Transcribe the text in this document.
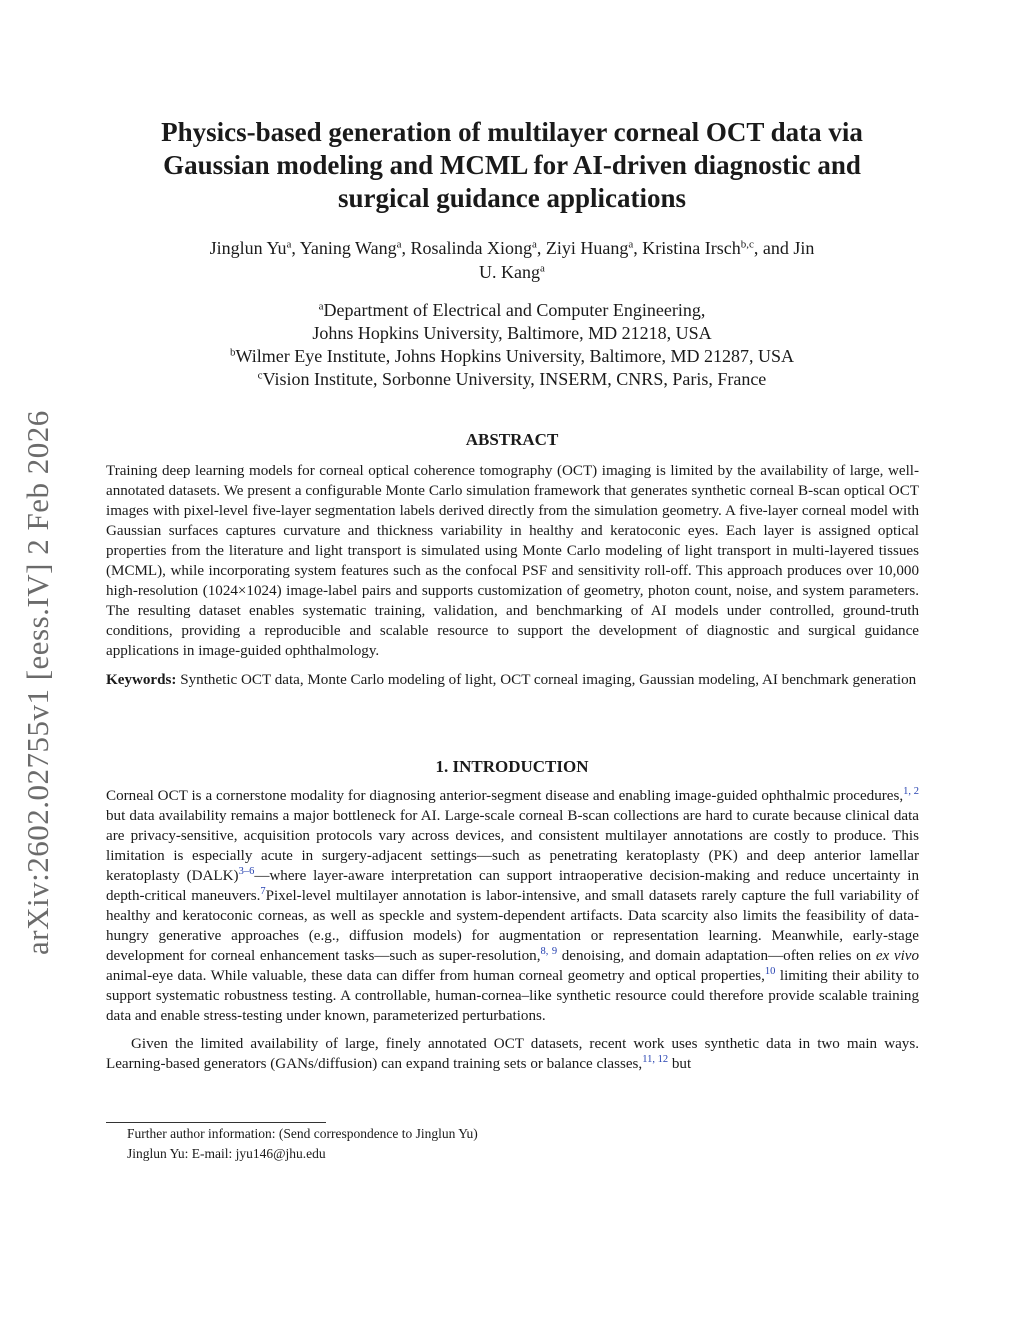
arXiv:2602.02755v1 [eess.IV] 2 Feb 2026
Physics-based generation of multilayer corneal OCT data via
Gaussian modeling and MCML for AI-driven diagnostic and
surgical guidance applications
Jinglun Yu$^a$, Yaning Wang$^a$, Rosalinda Xiong$^a$, Ziyi Huang$^a$, Kristina Irsch$^{b,c}$, and Jin
U. Kang$^a$
$^a$Department of Electrical and Computer Engineering,
Johns Hopkins University, Baltimore, MD 21218, USA
$^b$Wilmer Eye Institute, Johns Hopkins University, Baltimore, MD 21287, USA
$^c$Vision Institute, Sorbonne University, INSERM, CNRS, Paris, France
ABSTRACT

Training deep learning models for corneal optical coherence tomography (OCT) imaging is limited by the availability of large, well-annotated datasets. We present a configurable Monte Carlo simulation framework that generates synthetic corneal B-scan optical OCT images with pixel-level five-layer segmentation labels derived directly from the simulation geometry. A five-layer corneal model with Gaussian surfaces captures curvature and thickness variability in healthy and keratoconic eyes. Each layer is assigned optical properties from the literature and light transport is simulated using Monte Carlo modeling of light transport in multi-layered tissues (MCML), while incorporating system features such as the confocal PSF and sensitivity roll-off. This approach produces over 10,000 high-resolution (1024×1024) image-label pairs and supports customization of geometry, photon count, noise, and system parameters. The resulting dataset enables systematic training, validation, and benchmarking of AI models under controlled, ground-truth conditions, providing a reproducible and scalable resource to support the development of diagnostic and surgical guidance applications in image-guided ophthalmology.

Keywords: Synthetic OCT data, Monte Carlo modeling of light, OCT corneal imaging, Gaussian modeling, AI benchmark generation

1. INTRODUCTION

Corneal OCT is a cornerstone modality for diagnosing anterior-segment disease and enabling image-guided ophthalmic procedures,$^{1, 2}$ but data availability remains a major bottleneck for AI. Large-scale corneal B-scan collections are hard to curate because clinical data are privacy-sensitive, acquisition protocols vary across devices, and consistent multilayer annotations are costly to produce. This limitation is especially acute in surgery-adjacent settings—such as penetrating keratoplasty (PK) and deep anterior lamellar keratoplasty (DALK)$^{3-6}$—where layer-aware interpretation can support intraoperative decision-making and reduce uncertainty in depth-critical maneuvers.$^7$Pixel-level multilayer annotation is labor-intensive, and small datasets rarely capture the full variability of healthy and keratoconic corneas, as well as speckle and system-dependent artifacts. Data scarcity also limits the feasibility of data-hungry generative approaches (e.g., diffusion models) for augmentation or representation learning. Meanwhile, early-stage development for corneal enhancement tasks—such as super-resolution,$^{8, 9}$ denoising, and domain adaptation—often relies on ex vivo animal-eye data. While valuable, these data can differ from human corneal geometry and optical properties,$^{10}$ limiting their ability to support systematic robustness testing. A controllable, human-cornea–like synthetic resource could therefore provide scalable training data and enable stress-testing under known, parameterized perturbations.

Given the limited availability of large, finely annotated OCT datasets, recent work uses synthetic data in two main ways. Learning-based generators (GANs/diffusion) can expand training sets or balance classes,$^{11, 12}$ but

Further author information: (Send correspondence to Jinglun Yu)
Jinglun Yu: E-mail: jyu146@jhu.edu
